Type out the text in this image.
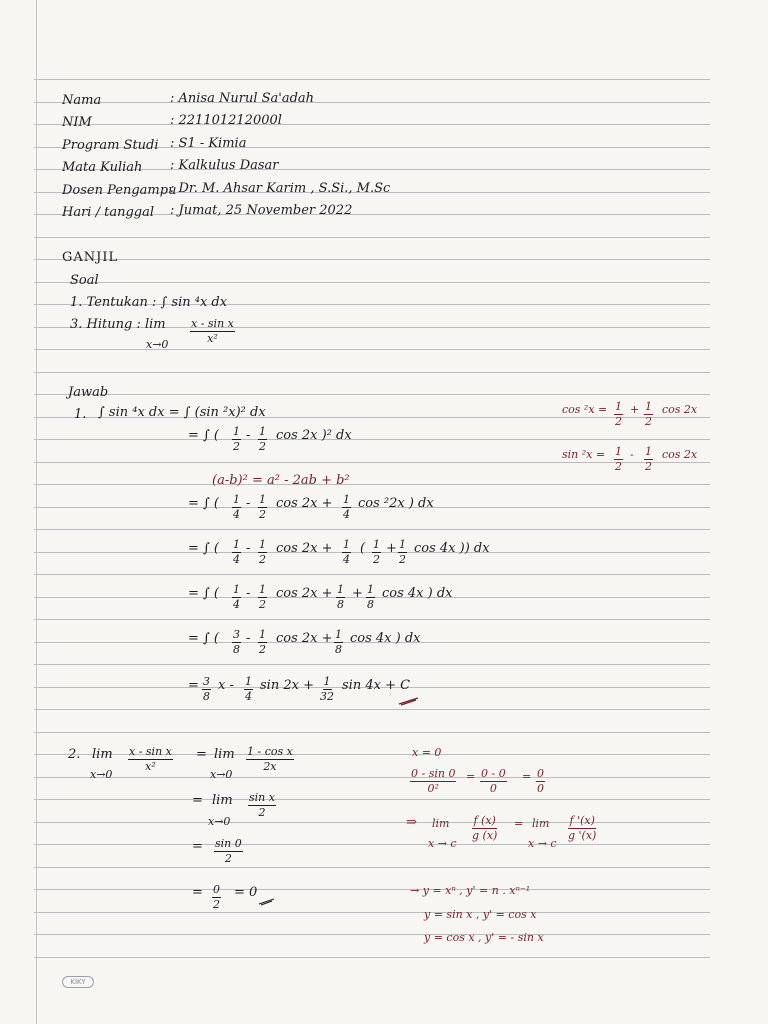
Nama	: Anisa Nurul Sa'adah
NIM	: 221101212000l
Program Studi : S1 - Kimia
Mata Kuliah : Kalkulus Dasar
Dosen Pengampu
: Dr. M. Ahsar Karim , S.Si., M.Sc
Hari / tanggal : Jumat, 25 November 2022
GANJIL
Soal
1. Tentukan : ∫ sin ⁴x dx
3. Hitung : lim
$x\to 0 \frac{\text{x - sin x}}{\text{x²}}$
Jawab
1. ∫ sin ⁴x dx = ∫ (sin ²x)² dx
= ∫ ( $\frac{1}{2} - \frac{1}{2}$ cos 2x )² dx
(a-b)² = a² - 2ab + b²
= ∫ ( $\frac{1}{4} - \frac{1}{2}$ $\cos 2x + \frac{1}{4}$ cos ²2x ) dx
= ∫ ( $\frac{1}{4} - \frac{1}{2}$ $\cos 2x + \frac{1}{4}$ ( $\frac{1}{2} + \frac{1}{2}$ cos 4x )) dx
= ∫ ( $\frac{1}{4} - \frac{1}{2}$ $\cos 2x + \frac{1}{8} + \frac{1}{8}$ cos 4x ) dx
= ∫ ( $\frac{3}{8} - \frac{1}{2}$ $\cos 2x + \frac{1}{8}$ cos 4x ) dx
= $\frac{3}{8}$ x - $\frac{1}{4}$ $\sin 2x + \frac{1}{32}$ sin 4x + C
$\cos ^2x = \frac{1}{2} + \frac{1}{2}$ cos 2x
$\sin ^2x = \frac{1}{2} - \frac{1}{2}$ cos 2x
2. lim
x→0
$\frac{\text{x - sin x}}{\text{x²}} = \lim$
x→0
$\frac{\text{1 - cos x}}{2x}$
= lim
x→0
$\frac{\text{sin x}}{2}$
= $\frac{\sin 0}{2}$
= $\frac{0}{2} = 0$
x = 0
$\frac{0 - \sin 0}{\text{0²}} = \frac{0 - 0}{0} = \frac{0}{0}$
⇒ lim
x → c
$\frac{f (x)}{g (x)} = \lim$
x → c
$\frac{f '(x)}{g '(x)}$
→ y = xⁿ , y' = n . xⁿ⁻¹
y = sin x , y' = cos x
y = cos x , y' = - sin x
KIKY
